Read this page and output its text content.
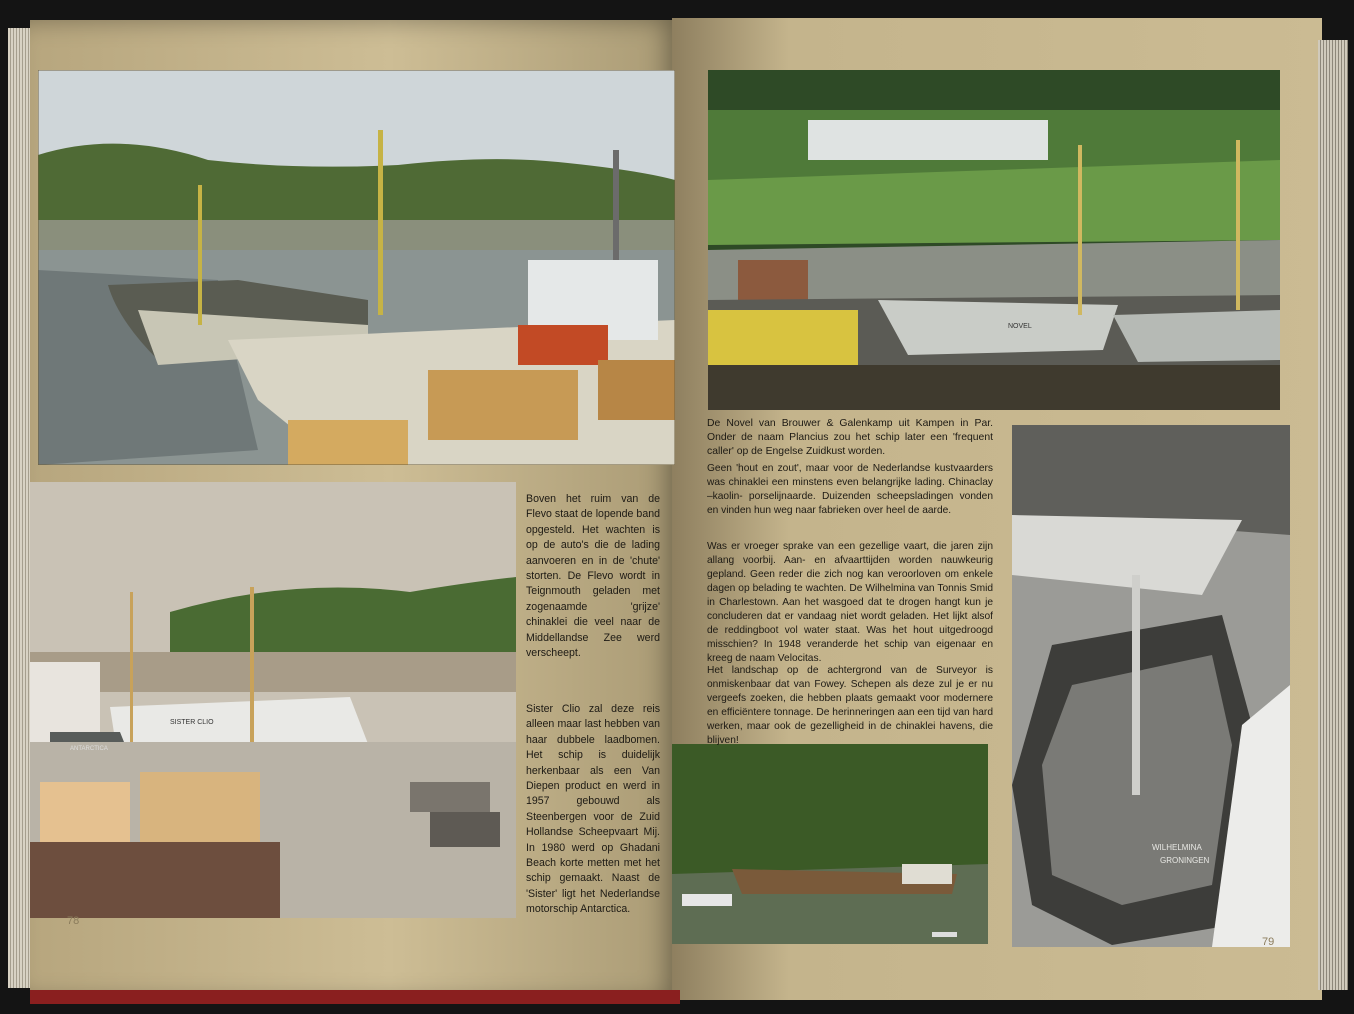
SISTER CLIO
ANTARCTICA
NOVEL
WILHELMINA
GRONINGEN
Boven het ruim van de Flevo staat de lopende band opgesteld. Het wachten is op de auto's die de lading aanvoeren en in de 'chute' storten. De Flevo wordt in Teignmouth geladen met zogenaamde 'grijze' chinaklei die veel naar de Middellandse Zee werd verscheept.
Sister Clio zal deze reis alleen maar last hebben van haar dubbele laadbomen. Het schip is duidelijk herkenbaar als een Van Diepen product en werd in 1957 gebouwd als Steenbergen voor de Zuid Hollandse Scheepvaart Mij. In 1980 werd op Ghadani Beach korte metten met het schip gemaakt. Naast de 'Sister' ligt het Nederlandse motorschip Antarctica.
De Novel van Brouwer & Galenkamp uit Kampen in Par. Onder de naam Plancius zou het schip later een 'frequent caller' op de Engelse Zuidkust worden.
Geen 'hout en zout', maar voor de Nederlandse kustvaarders was chinaklei een minstens even belangrijke lading. Chinaclay –kaolin- porselijnaarde. Duizenden scheepsladingen vonden en vinden hun weg naar fabrieken over heel de aarde.
Was er vroeger sprake van een gezellige vaart, die jaren zijn allang voorbij. Aan- en afvaarttijden worden nauwkeurig gepland. Geen reder die zich nog kan veroorloven om enkele dagen op belading te wachten. De Wilhelmina van Tonnis Smid in Charlestown. Aan het wasgoed dat te drogen hangt kun je concluderen dat er vandaag niet wordt geladen. Het lijkt alsof de reddingboot vol water staat. Was het hout uitgedroogd misschien? In 1948 veranderde het schip van eigenaar en kreeg de naam Velocitas.
Het landschap op de achtergrond van de Surveyor is onmiskenbaar dat van Fowey. Schepen als deze zul je er nu vergeefs zoeken, die hebben plaats gemaakt voor modernere en efficiëntere tonnage. De herinneringen aan een tijd van hard werken, maar ook de gezelligheid in de chinaklei havens, die blijven!
78
79
